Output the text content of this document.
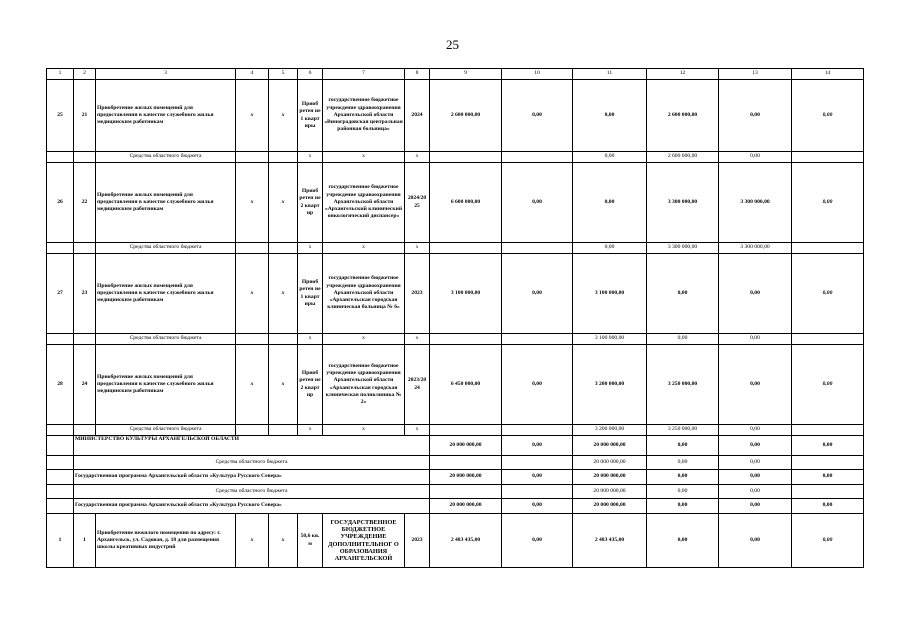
25
1	2	3	4	5	6	7	8	9	10	11	12	13	14
25	21	Приобретение жилых помещений для предоставления в качестве служебного жилья медицинским работникам	х	х	Приоб ретен ие 1 кварт иры	государственное бюджетное учреждение здравоохранения Архангельской области «Виноградовская центральная районная больница»	2024	2 600 000,00	0,00	0,00	2 600 000,00	0,00	0,00
		Средства областного бюджета			х	х	х			0,00	2 600 000,00	0,00	
26	22	Приобретение жилых помещений для предоставления в качестве служебного жилья медицинским работникам	х	х	Приоб ретен ие 2 кварт ир	государственное бюджетное учреждение здравоохранения Архангельской области «Архангельский клинический онкологический диспансер»	2024/20 25	6 600 000,00	0,00	0,00	3 300 000,00	3 300 000,00	0,00
		Средства областного бюджета			х	х	х			0,00	3 300 000,00	3 300 000,00	
27	23	Приобретение жилых помещений для предоставления в качестве служебного жилья медицинским работникам	х	х	Приоб ретен ие 1 кварт иры	государственное бюджетное учреждение здравоохранения Архангельской области «Архангельская городская клиническая больница № 6»	2023	3 100 000,00	0,00	3 100 000,00	0,00	0,00	0,00
		Средства областного бюджета			х	х	х			3 100 000,00	0,00	0,00	
28	24	Приобретение жилых помещений для предоставления в качестве служебного жилья медицинским работникам	х	х	Приоб ретен ие 2 кварт ир	государственное бюджетное учреждение здравоохранения Архангельской области «Архангельская городская клиническая поликлиника № 2»	2023/20 24	6 450 000,00	0,00	3 200 000,00	3 250 000,00	0,00	0,00
		Средства областного бюджета			х	х	х			3 200 000,00	3 250 000,00	0,00	
	МИНИСТЕРСТВО КУЛЬТУРЫ АРХАНГЕЛЬСКОЙ ОБЛАСТИ							20 000 000,00	0,00	20 000 000,00	0,00	0,00	0,00
	Средства областного бюджета									20 000 000,00	0,00	0,00	
	Государственная программа Архангельской области «Культура Русского Севера»							20 000 000,00	0,00	20 000 000,00	0,00	0,00	0,00
	Средства областного бюджета									20 000 000,00	0,00	0,00	
	Государственная программа Архангельской области «Культура Русского Севера»							20 000 000,00	0,00	20 000 000,00	0,00	0,00	0,00
1	1	Приобретение нежилого помещения по адресу: г. Архангельск, ул. Садовая, д. 18 для размещения школы креативных индустрий	х	х	50,6 кв. м	ГОСУДАРСТВЕННОЕ БЮДЖЕТНОЕ УЧРЕЖДЕНИЕ ДОПОЛНИТЕЛЬНОГ О ОБРАЗОВАНИЯ АРХАНГЕЛЬСКОЙ	2023	2 483 435,00	0,00	2 483 435,00	0,00	0,00	0,00
